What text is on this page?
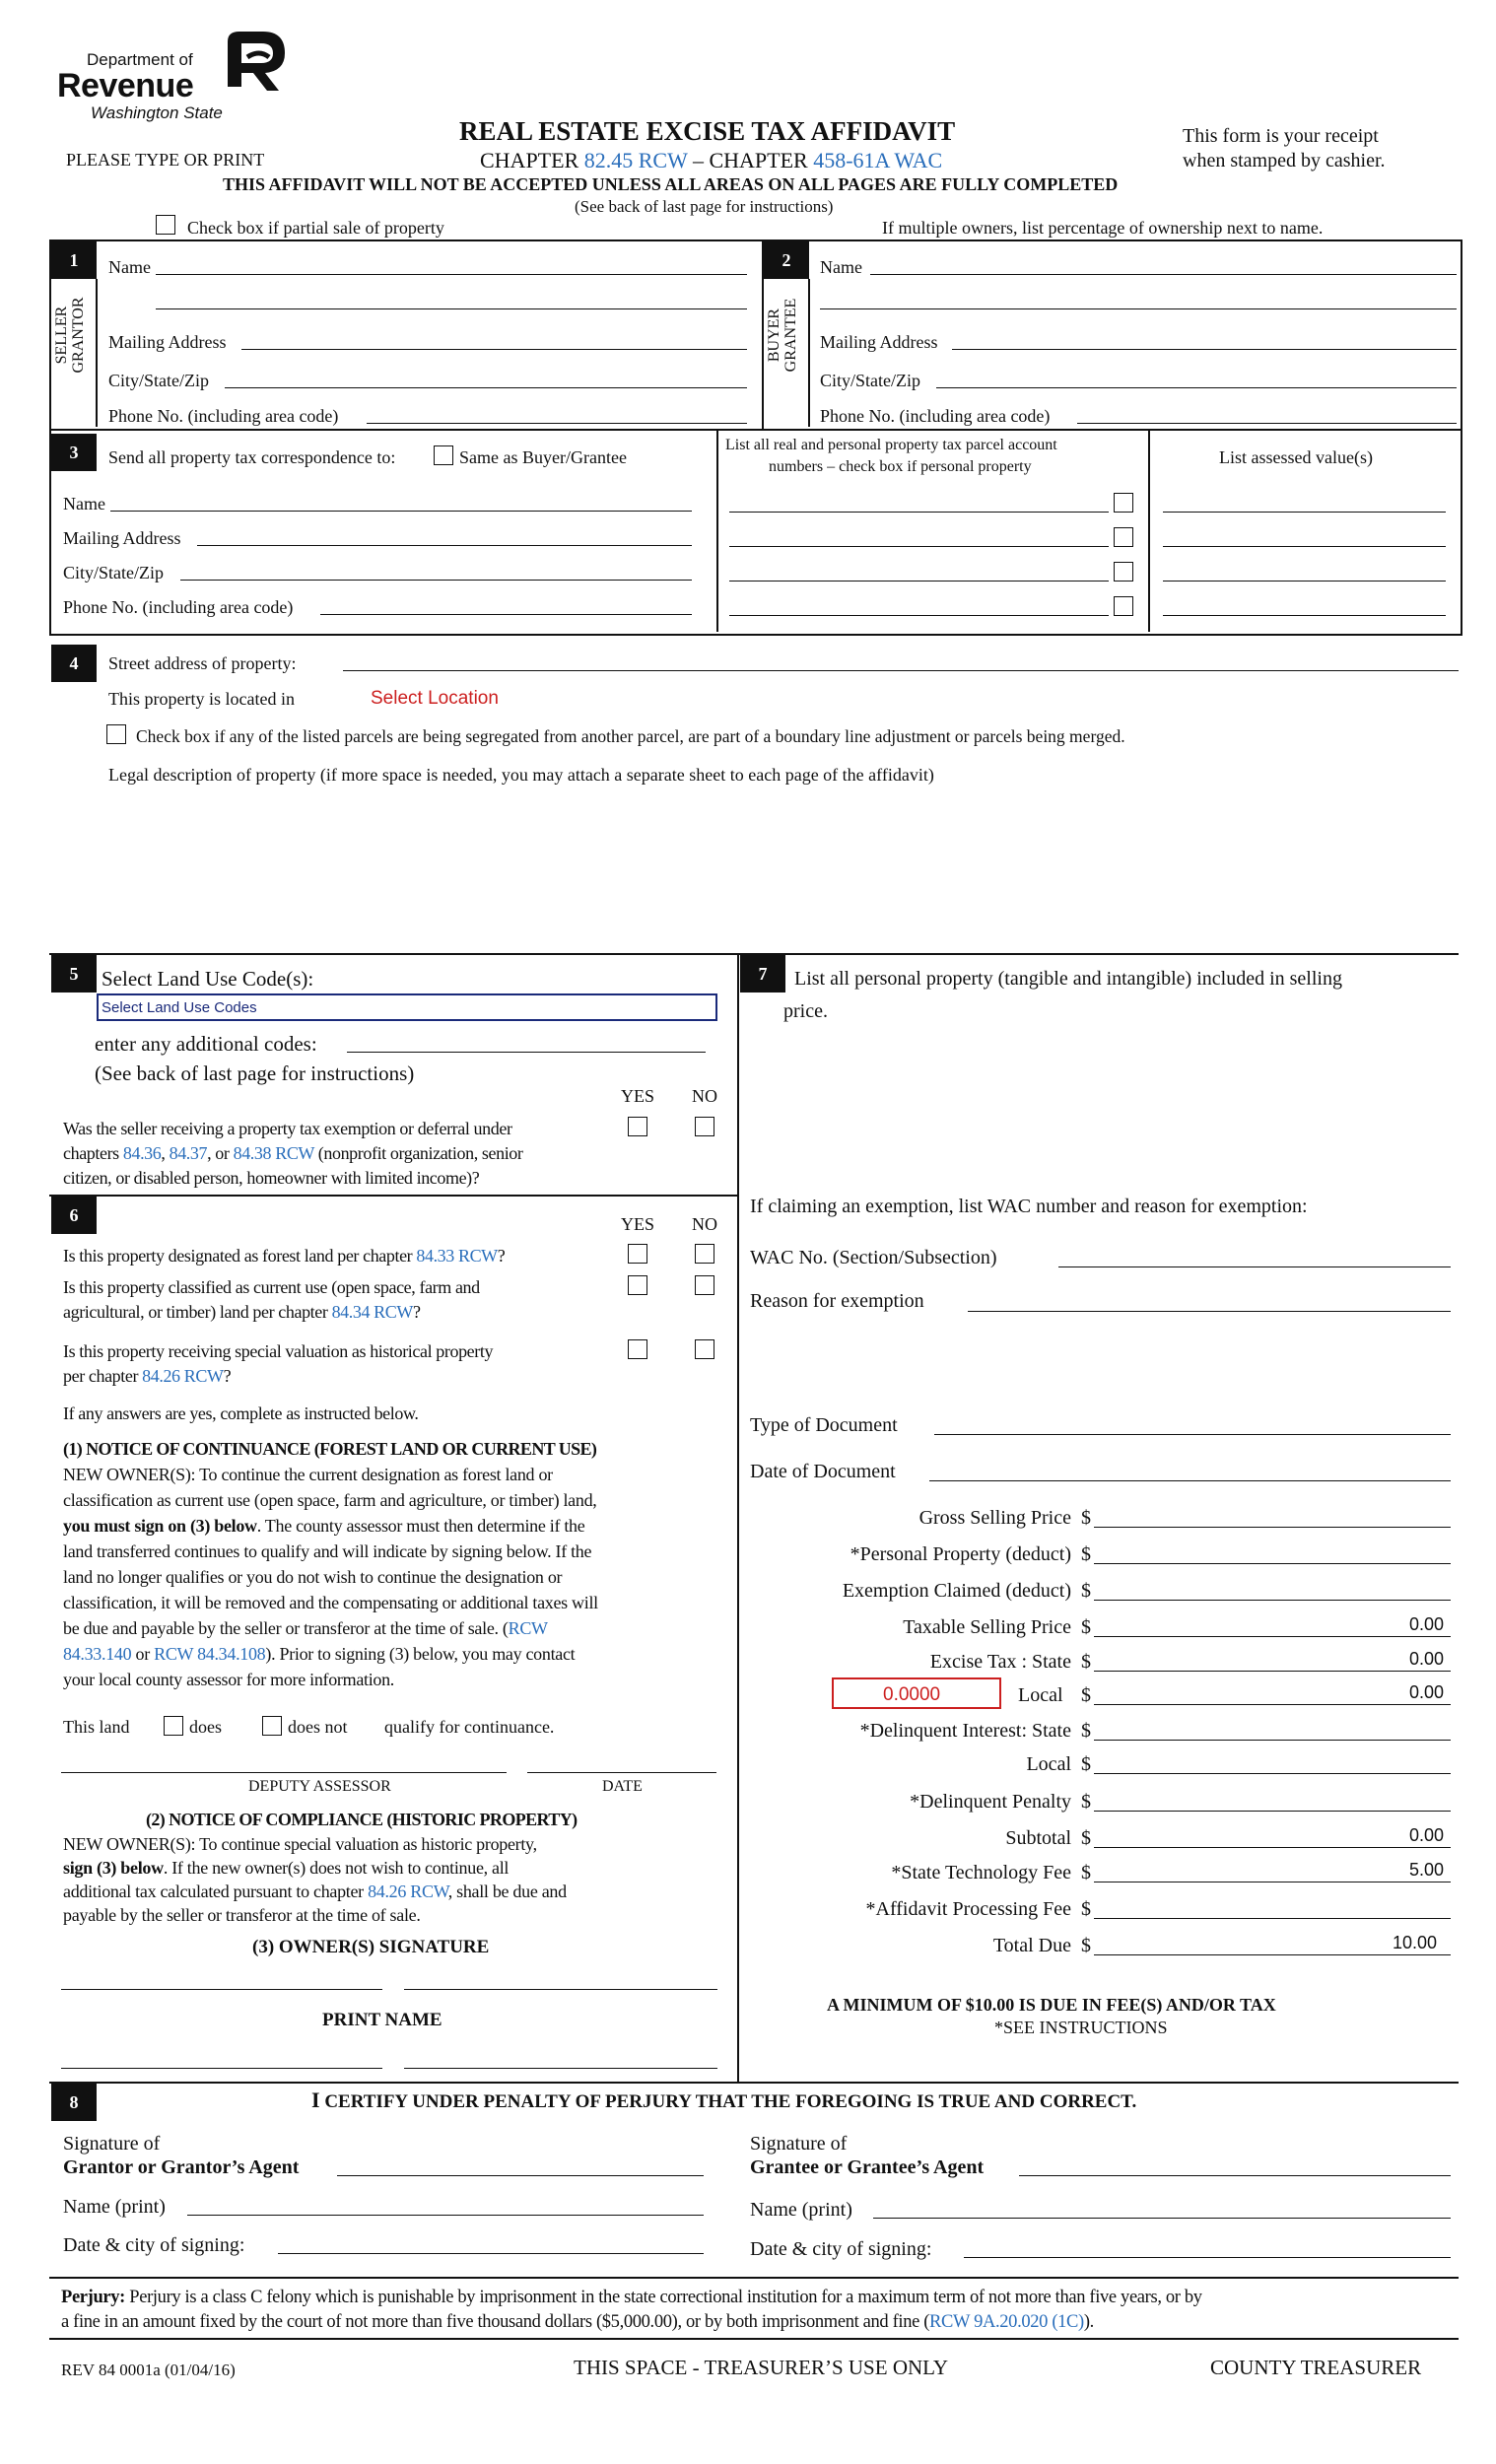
Department of
Revenue
Washington State
REAL ESTATE EXCISE TAX AFFIDAVIT
CHAPTER 82.45 RCW – CHAPTER 458-61A WAC
PLEASE TYPE OR PRINT
This form is your receipt
when stamped by cashier.
THIS AFFIDAVIT WILL NOT BE ACCEPTED UNLESS ALL AREAS ON ALL PAGES ARE FULLY COMPLETED
(See back of last page for instructions)
Check box if partial sale of property	If multiple owners, list percentage of ownership next to name.
1
SELLER
GRANTOR
Name
Mailing Address
City/State/Zip
Phone No. (including area code)
2
BUYER
GRANTEE
Name
Mailing Address
City/State/Zip
Phone No. (including area code)
3	Send all property tax correspondence to:	Same as Buyer/Grantee
Name
Mailing Address
City/State/Zip
Phone No. (including area code)
List all real and personal property tax parcel account
numbers – check box if personal property	List assessed value(s)
4	Street address of property:
This property is located in	Select Location
Check box if any of the listed parcels are being segregated from another parcel, are part of a boundary line adjustment or parcels being merged.
Legal description of property (if more space is needed, you may attach a separate sheet to each page of the affidavit)
5	Select Land Use Code(s):
Select Land Use Codes
enter any additional codes:
(See back of last page for instructions)
YES NO
Was the seller receiving a property tax exemption or deferral under
chapters 84.36, 84.37, or 84.38 RCW (nonprofit organization, senior
citizen, or disabled person, homeowner with limited income)?
6	YES NO
Is this property designated as forest land per chapter 84.33 RCW?
Is this property classified as current use (open space, farm and
agricultural, or timber) land per chapter 84.34 RCW?
Is this property receiving special valuation as historical property
per chapter 84.26 RCW?
If any answers are yes, complete as instructed below.
(1) NOTICE OF CONTINUANCE (FOREST LAND OR CURRENT USE)
NEW OWNER(S): To continue the current designation as forest land or
classification as current use (open space, farm and agriculture, or timber) land,
you must sign on (3) below. The county assessor must then determine if the
land transferred continues to qualify and will indicate by signing below. If the
land no longer qualifies or you do not wish to continue the designation or
classification, it will be removed and the compensating or additional taxes will
be due and payable by the seller or transferor at the time of sale. (RCW
84.33.140 or RCW 84.34.108). Prior to signing (3) below, you may contact
your local county assessor for more information.
This land	does	does not qualify for continuance.
DEPUTY ASSESSOR	DATE
(2) NOTICE OF COMPLIANCE (HISTORIC PROPERTY)
NEW OWNER(S): To continue special valuation as historic property,
sign (3) below. If the new owner(s) does not wish to continue, all
additional tax calculated pursuant to chapter 84.26 RCW, shall be due and
payable by the seller or transferor at the time of sale.
(3) OWNER(S) SIGNATURE
PRINT NAME
7	List all personal property (tangible and intangible) included in selling
price.
If claiming an exemption, list WAC number and reason for exemption:
WAC No. (Section/Subsection)
Reason for exemption
Type of Document
Date of Document
Gross Selling Price $
*Personal Property (deduct) $
Exemption Claimed (deduct) $
Taxable Selling Price $	0.00
Excise Tax : State $	0.00
0.0000	Local $	0.00
*Delinquent Interest: State $
Local $
*Delinquent Penalty $
Subtotal $	0.00
*State Technology Fee $	5.00
*Affidavit Processing Fee $
Total Due $	10.00
A MINIMUM OF $10.00 IS DUE IN FEE(S) AND/OR TAX
*SEE INSTRUCTIONS
8	I CERTIFY UNDER PENALTY OF PERJURY THAT THE FOREGOING IS TRUE AND CORRECT.
Signature of
Grantor or Grantor’s Agent
Name (print)
Date & city of signing:
Signature of
Grantee or Grantee’s Agent
Name (print)
Date & city of signing:
Perjury: Perjury is a class C felony which is punishable by imprisonment in the state correctional institution for a maximum term of not more than five years, or by
a fine in an amount fixed by the court of not more than five thousand dollars ($5,000.00), or by both imprisonment and fine (RCW 9A.20.020 (1C)).
REV 84 0001a (01/04/16)	THIS SPACE - TREASURER’S USE ONLY	COUNTY TREASURER
